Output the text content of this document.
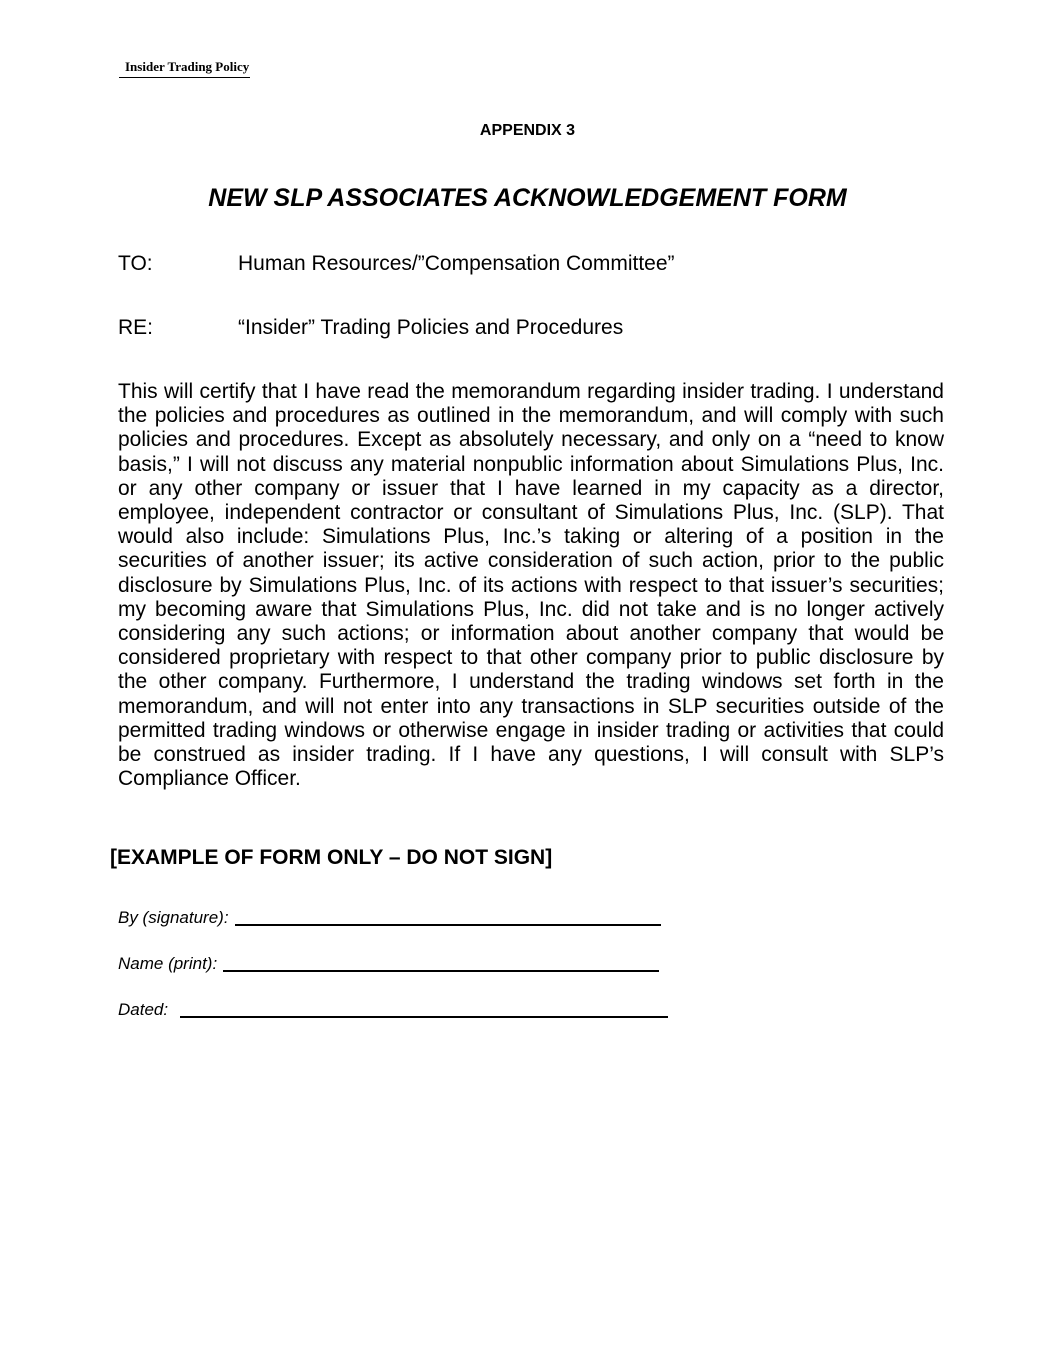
Insider Trading Policy
APPENDIX 3
NEW SLP ASSOCIATES ACKNOWLEDGEMENT FORM
TO:	Human Resources/”Compensation Committee”
RE:	“Insider” Trading Policies and Procedures
This will certify that I have read the memorandum regarding insider trading. I understand the policies and procedures as outlined in the memorandum, and will comply with such policies and procedures. Except as absolutely necessary, and only on a “need to know basis,” I will not discuss any material nonpublic information about Simulations Plus, Inc. or any other company or issuer that I have learned in my capacity as a director, employee, independent contractor or consultant of Simulations Plus, Inc. (SLP). That would also include: Simulations Plus, Inc.’s taking or altering of a position in the securities of another issuer; its active consideration of such action, prior to the public disclosure by Simulations Plus, Inc. of its actions with respect to that issuer’s securities; my becoming aware that Simulations Plus, Inc. did not take and is no longer actively considering any such actions; or information about another company that would be considered proprietary with respect to that other company prior to public disclosure by the other company. Furthermore, I understand the trading windows set forth in the memorandum, and will not enter into any transactions in SLP securities outside of the permitted trading windows or otherwise engage in insider trading or activities that could be construed as insider trading. If I have any questions, I will consult with SLP’s Compliance Officer.
[EXAMPLE OF FORM ONLY – DO NOT SIGN]
By (signature):
Name (print):
Dated:
